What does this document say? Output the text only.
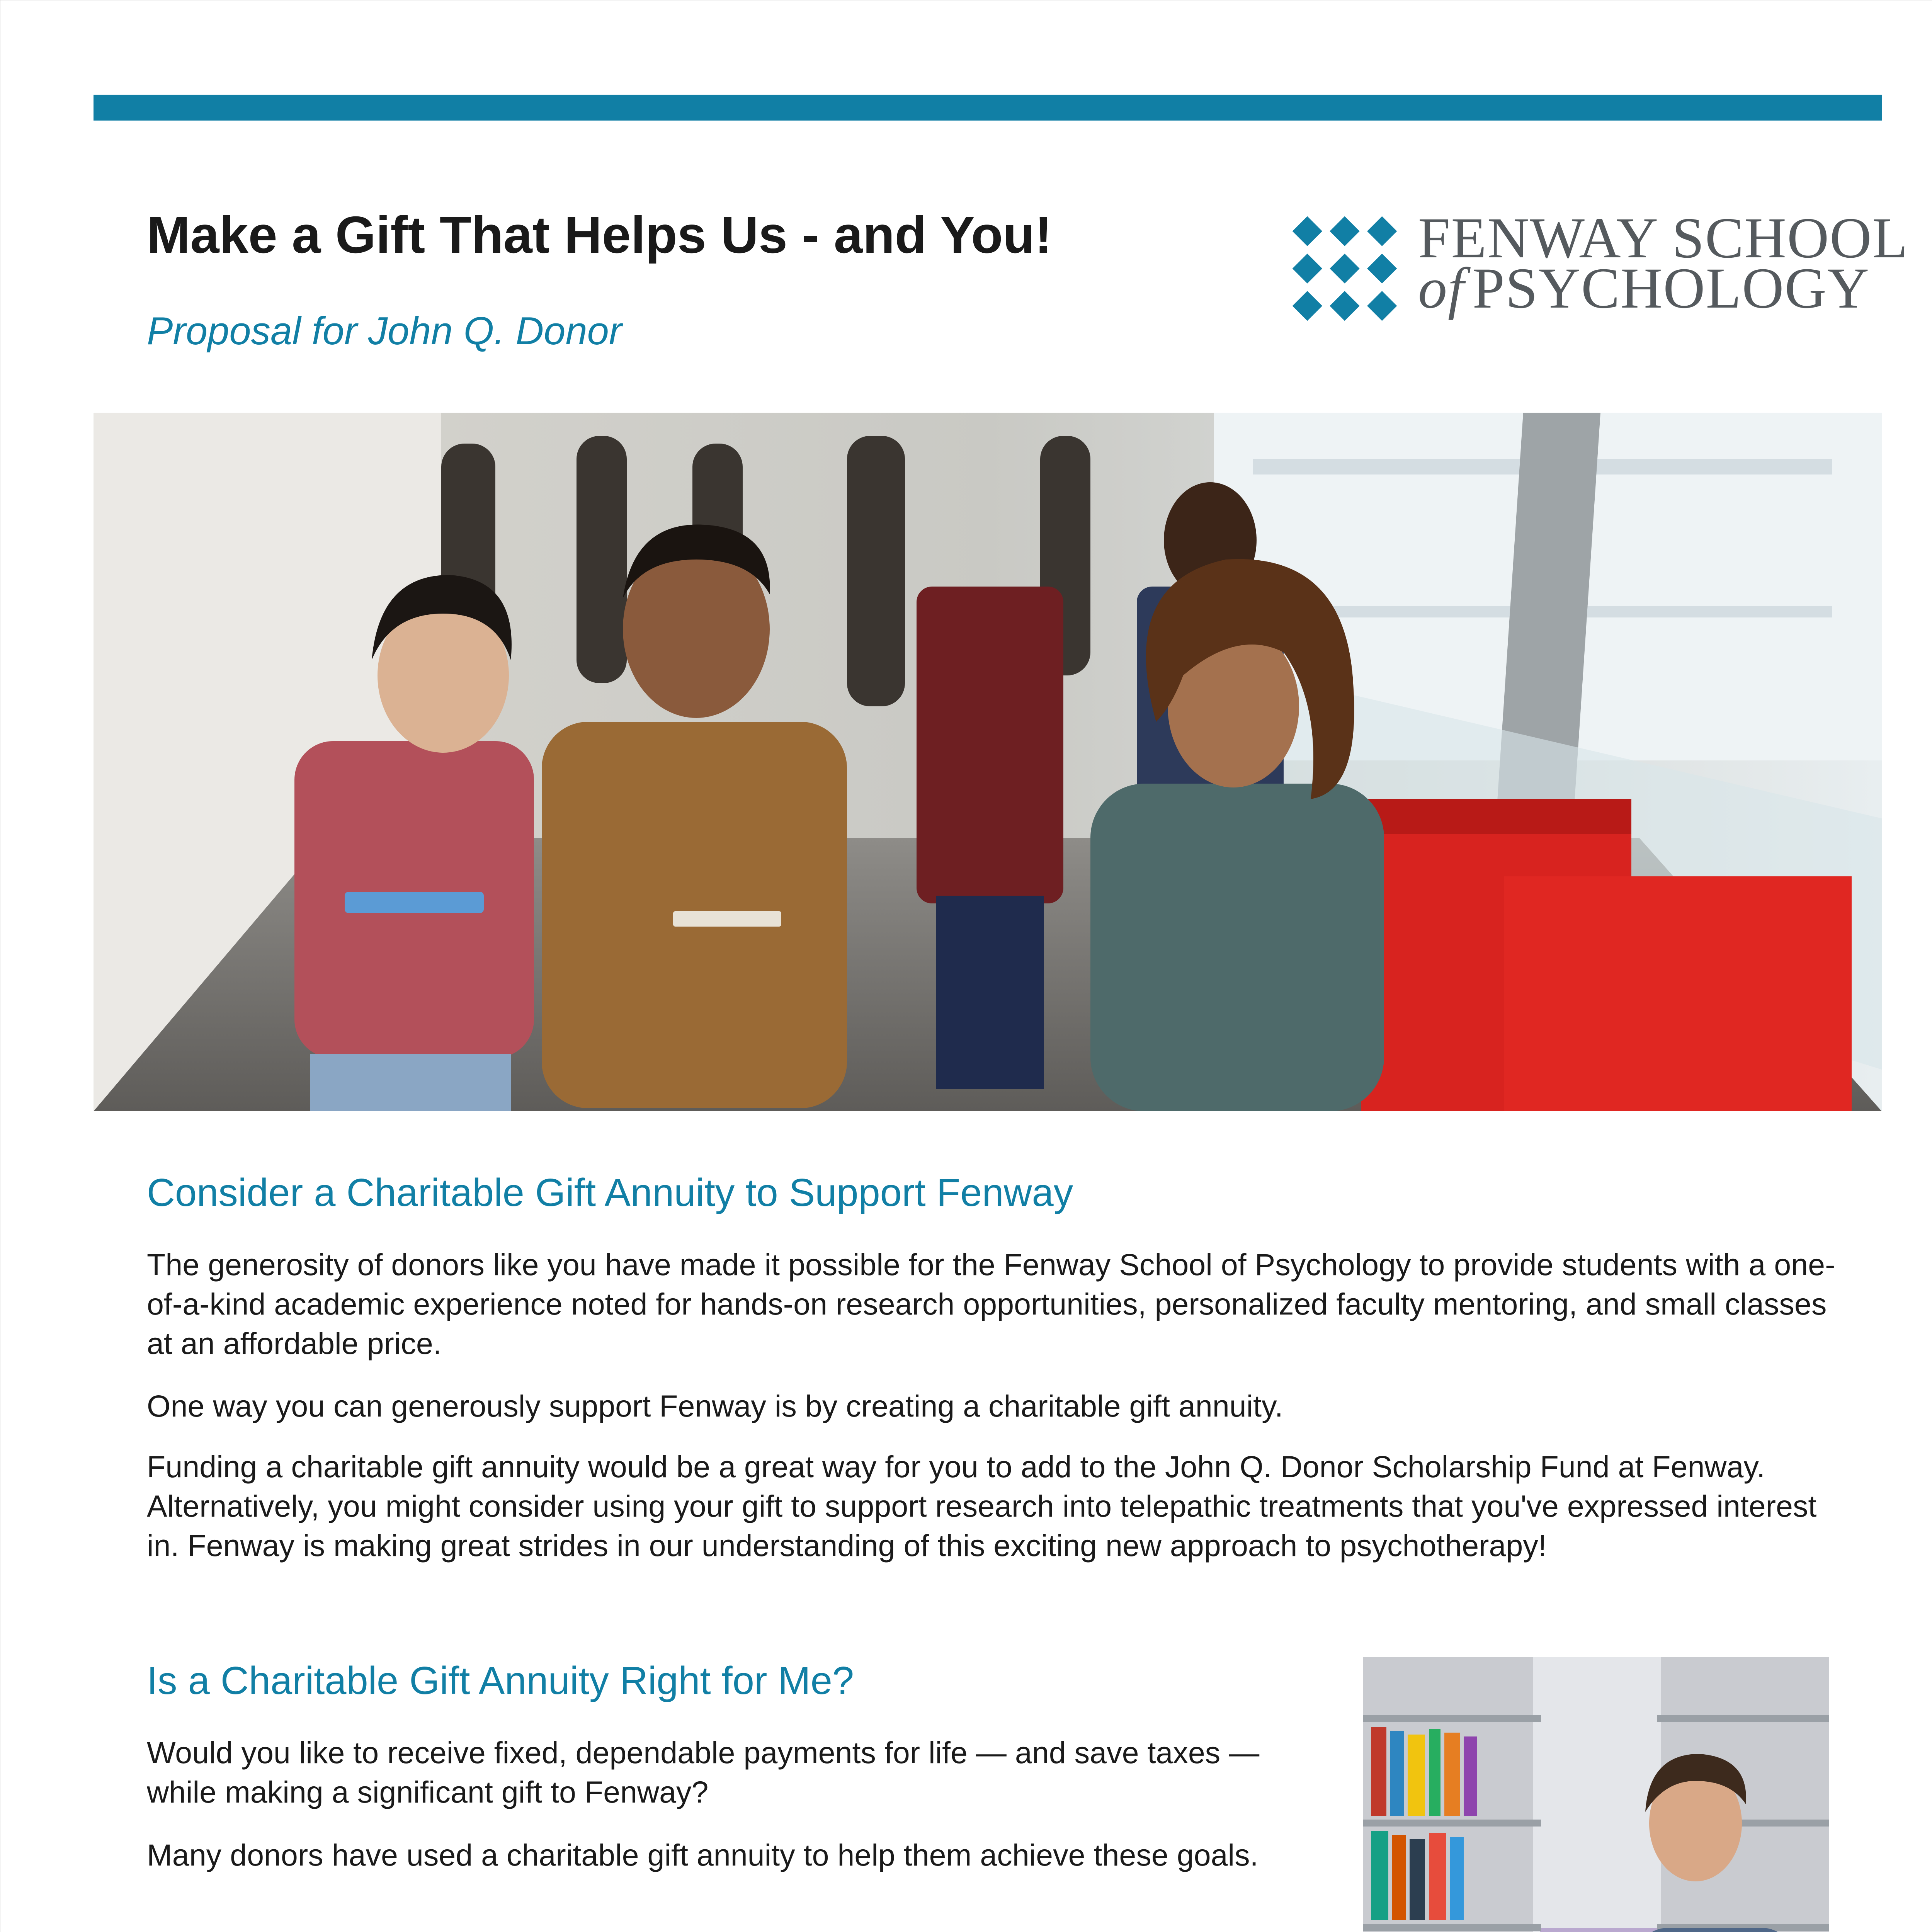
Make a Gift That Helps Us - and You!
Proposal for John Q. Donor
FENWAY SCHOOL
of PSYCHOLOGY
Consider a Charitable Gift Annuity to Support Fenway

The generosity of donors like you have made it possible for the Fenway School of Psychology to provide students with a one-of-a-kind academic experience noted for hands-on research opportunities, personalized faculty mentoring, and small classes at an affordable price.

One way you can generously support Fenway is by creating a charitable gift annuity.

Funding a charitable gift annuity would be a great way for you to add to the John Q. Donor Scholarship Fund at Fenway. Alternatively, you might consider using your gift to support research into telepathic treatments that you've expressed interest in. Fenway is making great strides in our understanding of this exciting new approach to psychotherapy!

Is a Charitable Gift Annuity Right for Me?

Would you like to receive fixed, dependable payments for life — and save taxes — while making a significant gift to Fenway?

Many donors have used a charitable gift annuity to help them achieve these goals.
